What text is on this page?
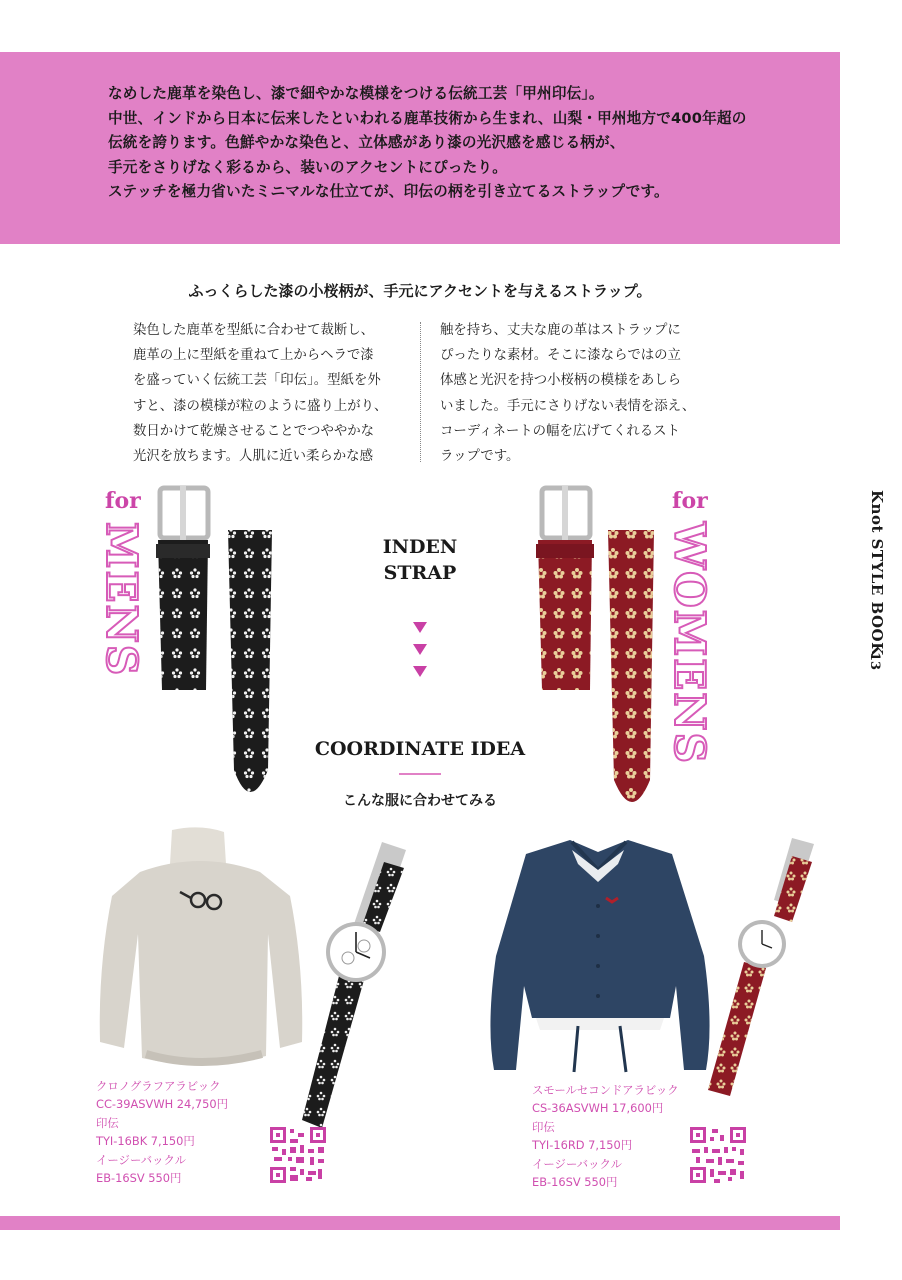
なめした鹿革を染色し、漆で細やかな模様をつける伝統工芸「甲州印伝」。

中世、インドから日本に伝来したといわれる鹿革技術から生まれ、山梨・甲州地方で400年超の

伝統を誇ります。色鮮やかな染色と、立体感があり漆の光沢感を感じる柄が、

手元をさりげなく彩るから、装いのアクセントにぴったり。

ステッチを極力省いたミニマルな仕立てが、印伝の柄を引き立てるストラップです。

ふっくらした漆の小桜柄が、手元にアクセントを与えるストラップ。

染色した鹿革を型紙に合わせて裁断し、

鹿革の上に型紙を重ねて上からヘラで漆

を盛っていく伝統工芸「印伝」。型紙を外

すと、漆の模様が粒のように盛り上がり、

数日かけて乾燥させることでつややかな

光沢を放ちます。人肌に近い柔らかな感

触を持ち、丈夫な鹿の革はストラップに

ぴったりな素材。そこに漆ならではの立

体感と光沢を持つ小桜柄の模様をあしら

いました。手元にさりげない表情を添え、

コーディネートの幅を広げてくれるスト

ラップです。

Knot STYLE BOOK
13
for
MENS
for
WOMENS
INDEN
STRAP
COORDINATE IDEA
こんな服に合わせてみる
クロノグラフアラビック
CC-39ASVWH 24,750円
印伝
TYI-16BK 7,150円
イージーバックル
EB-16SV 550円
スモールセコンドアラビック
CS-36ASVWH 17,600円
印伝
TYI-16RD 7,150円
イージーバックル
EB-16SV 550円
